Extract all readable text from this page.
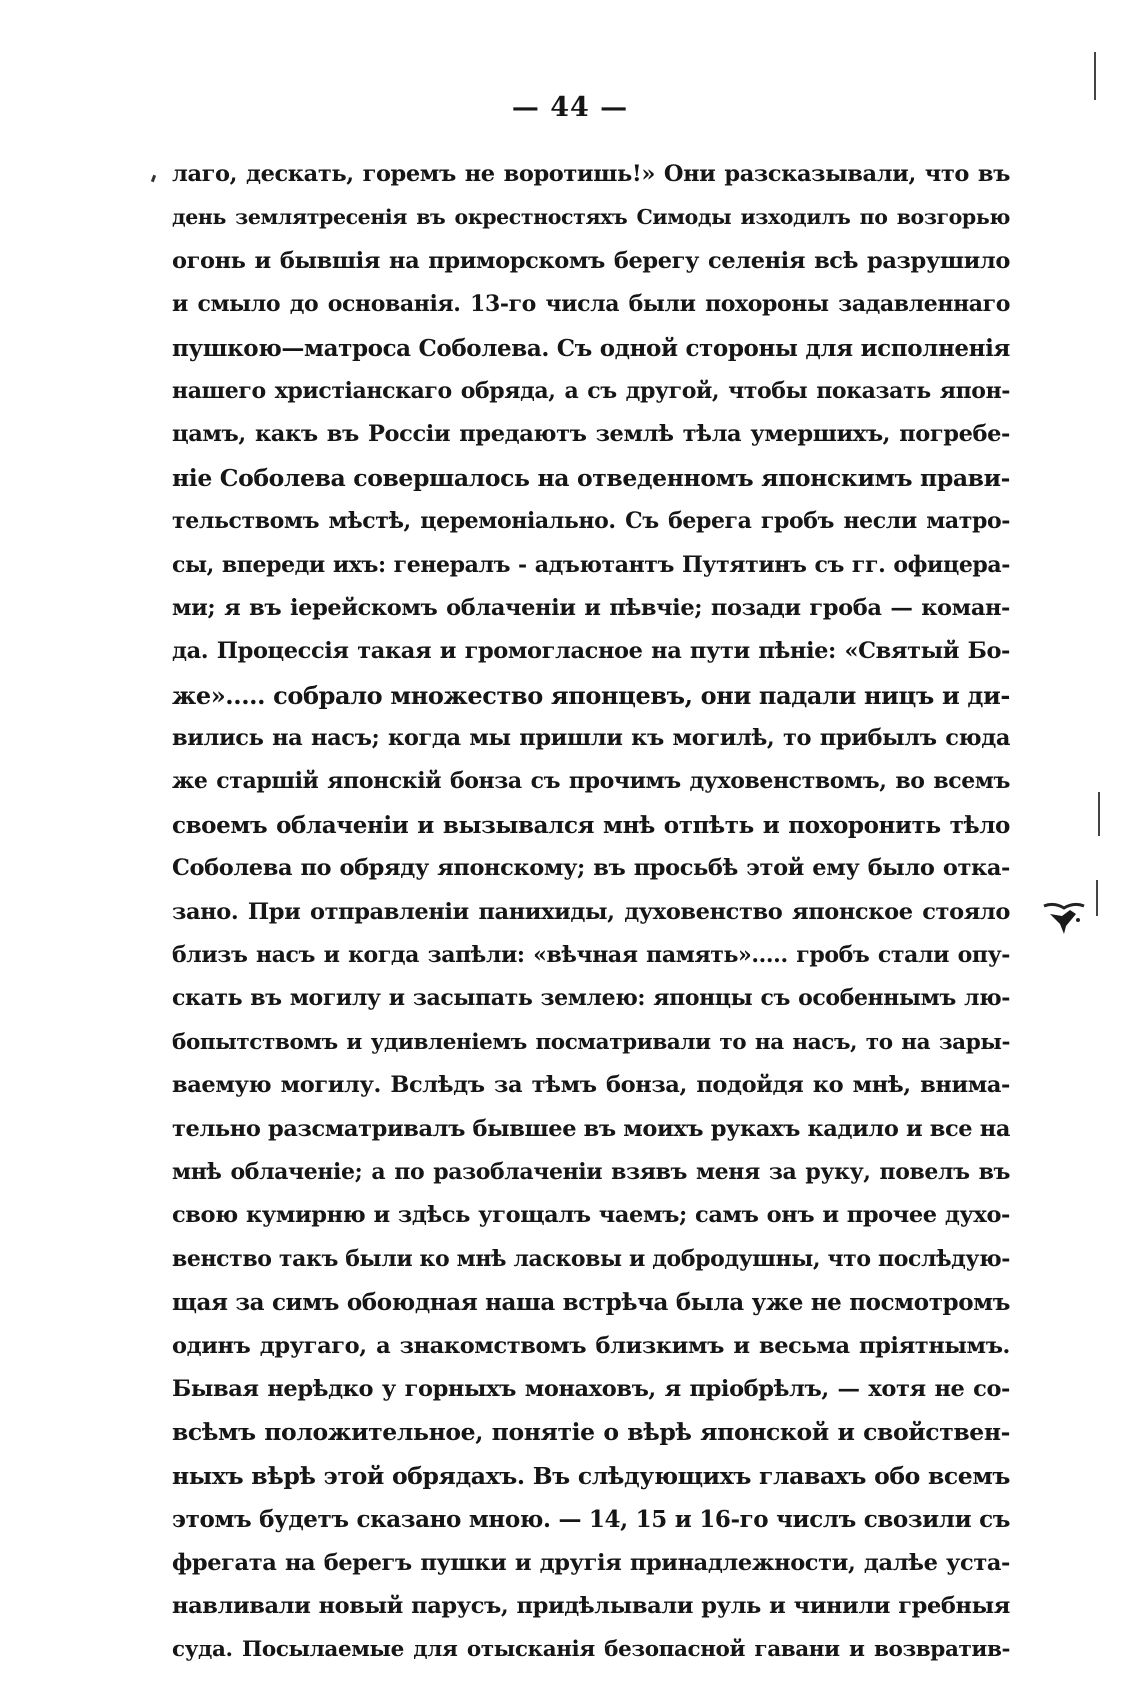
— 44 —
лаго, дескать, горемъ не воротишь!» Они разсказывали, что въ
день землятресенія въ окрестностяхъ Симоды изходилъ по возгорью
огонь и бывшія на приморскомъ берегу селенія всѣ разрушило
и смыло до основанія. 13-го числа были похороны задавленнаго
пушкою—матроса Соболева. Съ одной стороны для исполненія
нашего христіанскаго обряда, а съ другой, чтобы показать япон-
цамъ, какъ въ Россіи предаютъ землѣ тѣла умершихъ, погребе-
ніе Соболева совершалось на отведенномъ японскимъ прави-
тельствомъ мѣстѣ, церемоніально. Съ берега гробъ несли матро-
сы, впереди ихъ: генералъ - адъютантъ Путятинъ съ гг. офицера-
ми; я въ іерейскомъ облаченіи и пѣвчіе; позади гроба — коман-
да. Процессія такая и громогласное на пути пѣніе: «Святый Бо-
же»..... собрало множество японцевъ, они падали ницъ и ди-
вились на насъ; когда мы пришли къ могилѣ, то прибылъ сюда
же старшій японскій бонза съ прочимъ духовенствомъ, во всемъ
своемъ облаченіи и вызывался мнѣ отпѣть и похоронить тѣло
Соболева по обряду японскому; въ просьбѣ этой ему было отка-
зано. При отправленіи панихиды, духовенство японское стояло
близъ насъ и когда запѣли: «вѣчная память»..... гробъ стали опу-
скать въ могилу и засыпать землею: японцы съ особеннымъ лю-
бопытствомъ и удивленіемъ посматривали то на насъ, то на зары-
ваемую могилу. Вслѣдъ за тѣмъ бонза, подойдя ко мнѣ, внима-
тельно разсматривалъ бывшее въ моихъ рукахъ кадило и все на
мнѣ облаченіе; а по разоблаченіи взявъ меня за руку, повелъ въ
свою кумирню и здѣсь угощалъ чаемъ; самъ онъ и прочее духо-
венство такъ были ко мнѣ ласковы и добродушны, что послѣдую-
щая за симъ обоюдная наша встрѣча была уже не посмотромъ
одинъ другаго, а знакомствомъ близкимъ и весьма пріятнымъ.
Бывая нерѣдко у горныхъ монаховъ, я пріобрѣлъ, — хотя не со-
всѣмъ положительное, понятіе о вѣрѣ японской и свойствен-
ныхъ вѣрѣ этой обрядахъ. Въ слѣдующихъ главахъ обо всемъ
этомъ будетъ сказано мною. — 14, 15 и 16-го числъ свозили съ
фрегата на берегъ пушки и другія принадлежности, далѣе уста-
навливали новый парусъ, придѣлывали руль и чинили гребныя
суда. Посылаемые для отысканія безопасной гавани и возвратив-
